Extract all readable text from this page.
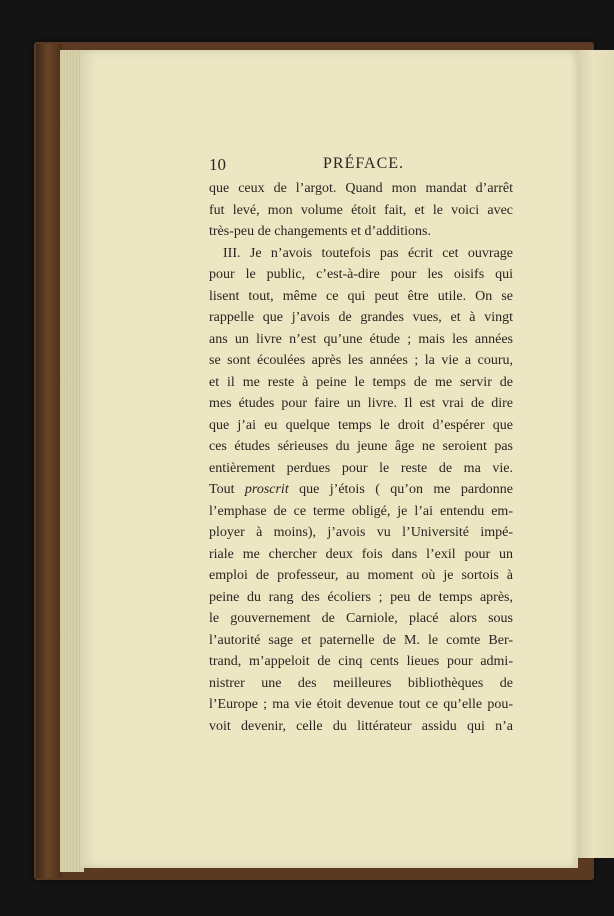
10	PRÉFACE.
que ceux de l’argot. Quand mon mandat d’arrêt
fut levé, mon volume étoit fait, et le voici avec
très-peu de changements et d’additions.
III. Je n’avois toutefois pas écrit cet ouvrage
pour le public, c’est-à-dire pour les oisifs qui
lisent tout, même ce qui peut être utile. On se
rappelle que j’avois de grandes vues, et à vingt
ans un livre n’est qu’une étude ; mais les années
se sont écoulées après les années ; la vie a couru,
et il me reste à peine le temps de me servir de
mes études pour faire un livre. Il est vrai de dire
que j’ai eu quelque temps le droit d’espérer que
ces études sérieuses du jeune âge ne seroient pas
entièrement perdues pour le reste de ma vie.
Tout proscrit que j’étois ( qu’on me pardonne
l’emphase de ce terme obligé, je l’ai entendu em-
ployer à moins), j’avois vu l’Université impé-
riale me chercher deux fois dans l’exil pour un
emploi de professeur, au moment où je sortois à
peine du rang des écoliers ; peu de temps après,
le gouvernement de Carniole, placé alors sous
l’autorité sage et paternelle de M. le comte Ber-
trand, m’appeloit de cinq cents lieues pour admi-
nistrer une des meilleures bibliothèques de
l’Europe ; ma vie étoit devenue tout ce qu’elle pou-
voit devenir, celle du littérateur assidu qui n’a
